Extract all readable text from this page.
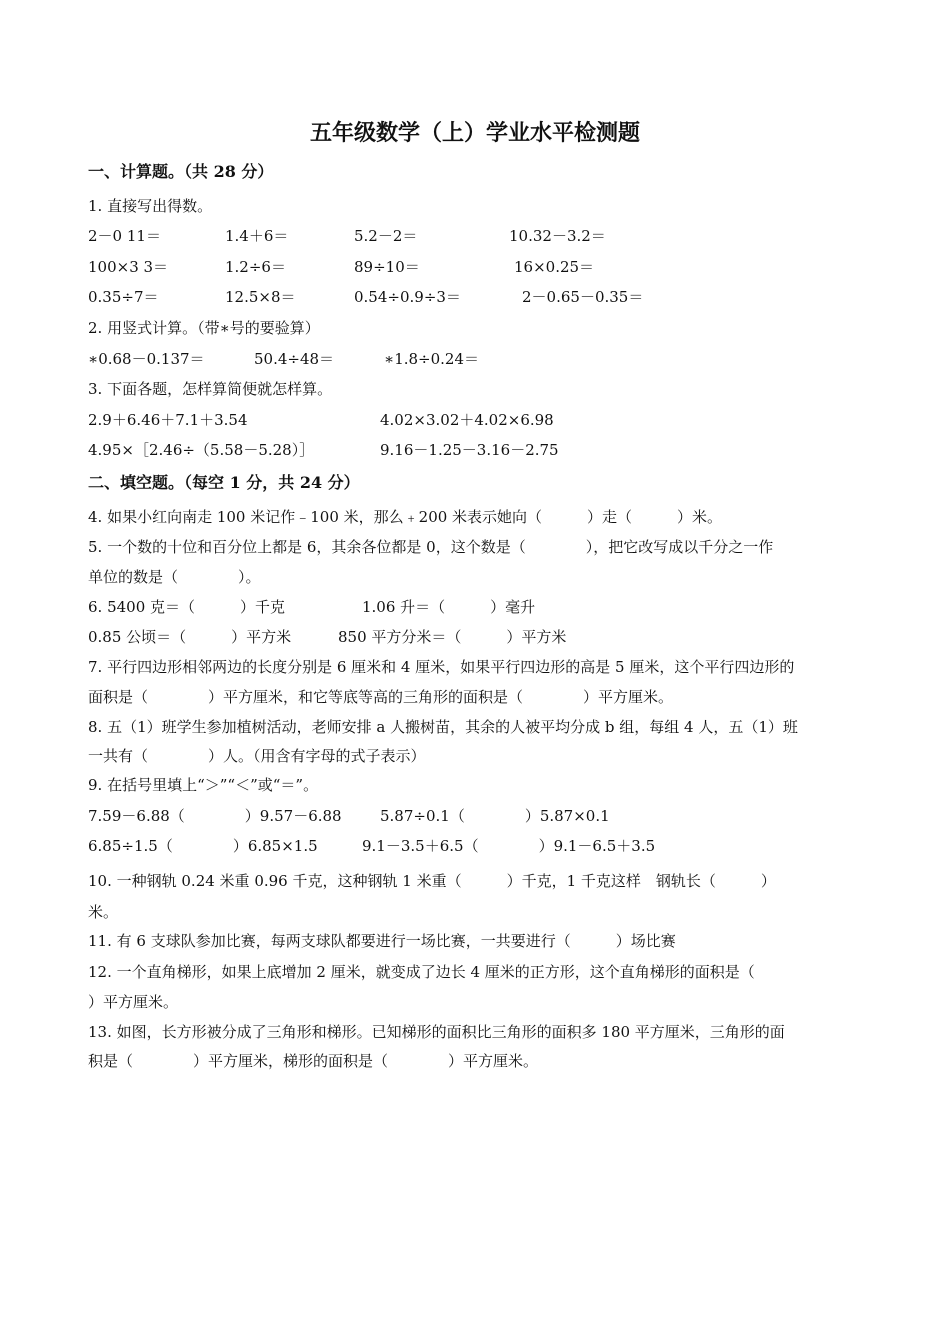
五年级数学（上）学业水平检测题
一、计算题。（共 28 分）
1. 直接写出得数。
2－0 11＝	1.4＋6＝	5.2－2＝	10.32－3.2＝
100×3 3＝	1.2÷6＝	89÷10＝	16×0.25＝
0.35÷7＝	12.5×8＝	0.54÷0.9÷3＝	2－0.65－0.35＝
2. 用竖式计算。（带∗号的要验算）
∗0.68－0.137＝	50.4÷48＝	∗1.8÷0.24＝
3. 下面各题，怎样算简便就怎样算。
2.9＋6.46＋7.1＋3.54	4.02×3.02＋4.02×6.98
4.95×［2.46÷（5.58－5.28）］	9.16－1.25－3.16－2.75
二、填空题。（每空 1 分，共 24 分）
4. 如果小红向南走 100 米记作﹣100 米，那么﹢200 米表示她向（　　　）走（　　　）米。
5. 一个数的十位和百分位上都是 6，其余各位都是 0，这个数是（　　　　），把它改写成以千分之一作
单位的数是（　　　　）。
6. 5400 克＝（　　　）千克	1.06 升＝（　　　）毫升
0.85 公顷＝（　　　）平方米	850 平方分米＝（　　　）平方米
7. 平行四边形相邻两边的长度分别是 6 厘米和 4 厘米，如果平行四边形的高是 5 厘米，这个平行四边形的
面积是（　　　　）平方厘米，和它等底等高的三角形的面积是（　　　　）平方厘米。
8. 五（1）班学生参加植树活动，老师安排 a 人搬树苗，其余的人被平均分成 b 组，每组 4 人，五（1）班
一共有（　　　　）人。（用含有字母的式子表示）
9. 在括号里填上“＞”“＜”或“＝”。
7.59－6.88（　　　　）9.57－6.88	5.87÷0.1（　　　　）5.87×0.1
6.85÷1.5（　　　　）6.85×1.5	9.1－3.5＋6.5（　　　　）9.1－6.5＋3.5
10. 一种钢轨 0.24 米重 0.96 千克，这种钢轨 1 米重（　　　）千克，1 千克这样　钢轨长（　　　）
米。
11. 有 6 支球队参加比赛，每两支球队都要进行一场比赛，一共要进行（　　　）场比赛
12. 一个直角梯形，如果上底增加 2 厘米，就变成了边长 4 厘米的正方形，这个直角梯形的面积是（
）平方厘米。
13. 如图，长方形被分成了三角形和梯形。已知梯形的面积比三角形的面积多 180 平方厘米，三角形的面
积是（　　　　）平方厘米，梯形的面积是（　　　　）平方厘米。
